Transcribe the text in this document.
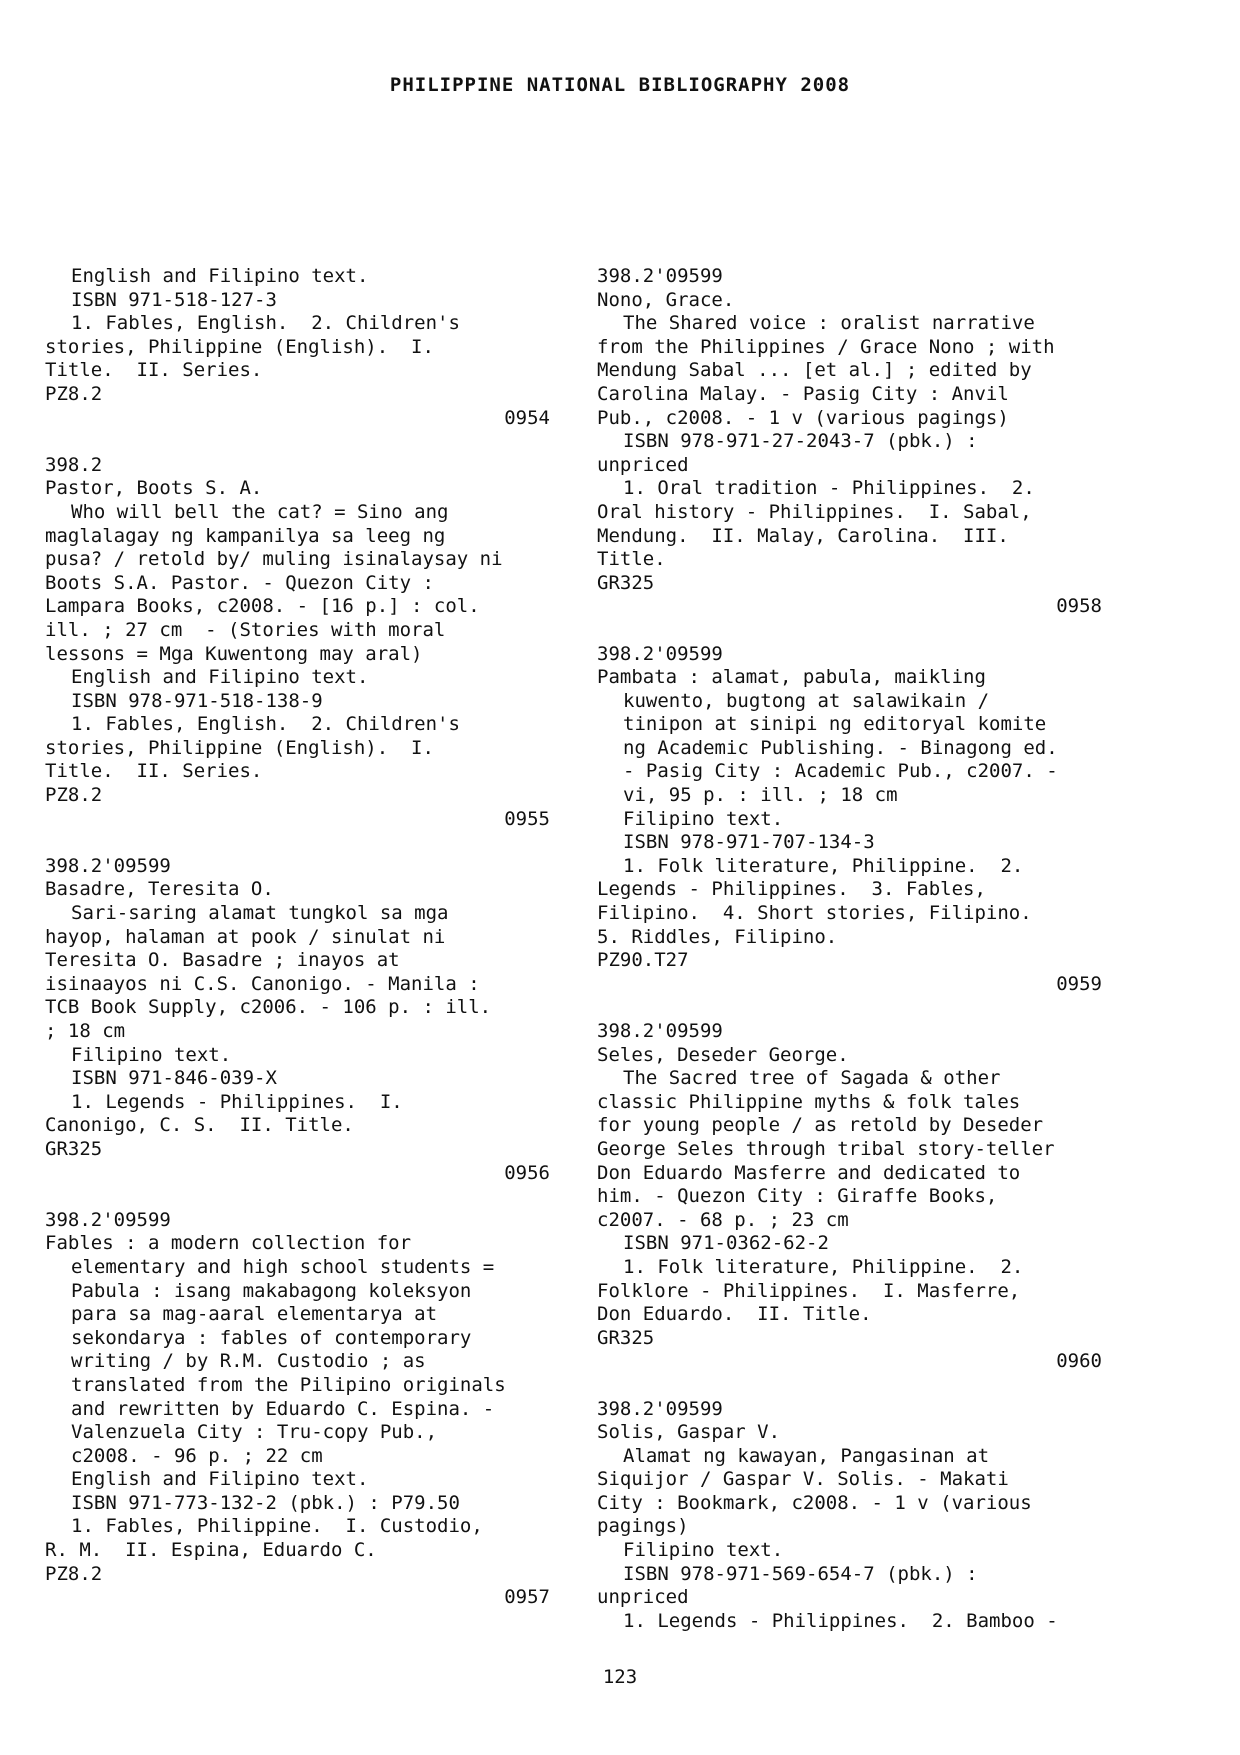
PHILIPPINE NATIONAL BIBLIOGRAPHY 2008
English and Filipino text.
ISBN 971-518-127-3
1. Fables, English.  2. Children's
stories, Philippine (English).  I.
Title.  II. Series.
PZ8.2
0954
398.2
Pastor, Boots S. A.
Who will bell the cat? = Sino ang
maglalagay ng kampanilya sa leeg ng
pusa? / retold by/ muling isinalaysay ni
Boots S.A. Pastor. - Quezon City :
Lampara Books, c2008. - [16 p.] : col.
ill. ; 27 cm  - (Stories with moral
lessons = Mga Kuwentong may aral)
English and Filipino text.
ISBN 978-971-518-138-9
1. Fables, English.  2. Children's
stories, Philippine (English).  I.
Title.  II. Series.
PZ8.2
0955
398.2'09599
Basadre, Teresita O.
Sari-saring alamat tungkol sa mga
hayop, halaman at pook / sinulat ni
Teresita O. Basadre ; inayos at
isinaayos ni C.S. Canonigo. - Manila :
TCB Book Supply, c2006. - 106 p. : ill.
; 18 cm
Filipino text.
ISBN 971-846-039-X
1. Legends - Philippines.  I.
Canonigo, C. S.  II. Title.
GR325
0956
398.2'09599
Fables : a modern collection for
elementary and high school students =
Pabula : isang makabagong koleksyon
para sa mag-aaral elementarya at
sekondarya : fables of contemporary
writing / by R.M. Custodio ; as
translated from the Pilipino originals
and rewritten by Eduardo C. Espina. -
Valenzuela City : Tru-copy Pub.,
c2008. - 96 p. ; 22 cm
English and Filipino text.
ISBN 971-773-132-2 (pbk.) : P79.50
1. Fables, Philippine.  I. Custodio,
R. M.  II. Espina, Eduardo C.
PZ8.2
0957
398.2'09599
Nono, Grace.
The Shared voice : oralist narrative
from the Philippines / Grace Nono ; with
Mendung Sabal ... [et al.] ; edited by
Carolina Malay. - Pasig City : Anvil
Pub., c2008. - 1 v (various pagings)
ISBN 978-971-27-2043-7 (pbk.) :
unpriced
1. Oral tradition - Philippines.  2.
Oral history - Philippines.  I. Sabal,
Mendung.  II. Malay, Carolina.  III.
Title.
GR325
0958
398.2'09599
Pambata : alamat, pabula, maikling
kuwento, bugtong at salawikain /
tinipon at sinipi ng editoryal komite
ng Academic Publishing. - Binagong ed.
- Pasig City : Academic Pub., c2007. -
vi, 95 p. : ill. ; 18 cm
Filipino text.
ISBN 978-971-707-134-3
1. Folk literature, Philippine.  2.
Legends - Philippines.  3. Fables,
Filipino.  4. Short stories, Filipino.
5. Riddles, Filipino.
PZ90.T27
0959
398.2'09599
Seles, Deseder George.
The Sacred tree of Sagada & other
classic Philippine myths & folk tales
for young people / as retold by Deseder
George Seles through tribal story-teller
Don Eduardo Masferre and dedicated to
him. - Quezon City : Giraffe Books,
c2007. - 68 p. ; 23 cm
ISBN 971-0362-62-2
1. Folk literature, Philippine.  2.
Folklore - Philippines.  I. Masferre,
Don Eduardo.  II. Title.
GR325
0960
398.2'09599
Solis, Gaspar V.
Alamat ng kawayan, Pangasinan at
Siquijor / Gaspar V. Solis. - Makati
City : Bookmark, c2008. - 1 v (various
pagings)
Filipino text.
ISBN 978-971-569-654-7 (pbk.) :
unpriced
1. Legends - Philippines.  2. Bamboo -
123
